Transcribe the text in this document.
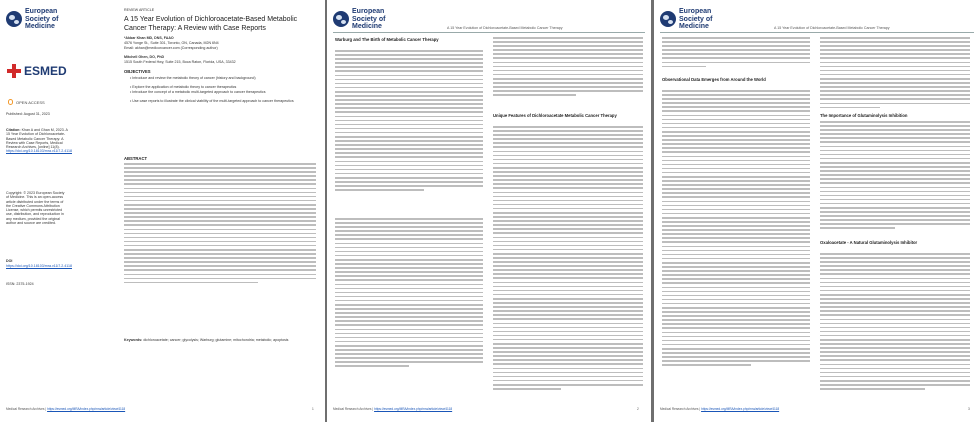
European Society of Medicine
ESMED
OPEN ACCESS
Published: August 31, 2023
Citation: Khan A and Ghan M, 2023. A 15 Year Evolution of Dichloroacetate-Based Metabolic Cancer Therapy: A Review with Case Reports, Medical Research Archives, [online] 11(8). https://doi.org/10.18103/mra.v11i7.2.4118
Copyright: © 2023 European Society of Medicine. This is an open-access article distributed under the terms of the Creative Commons Attribution License, which permits unrestricted use, distribution, and reproduction in any medium, provided the original author and source are credited.
DOI
https://doi.org/10.18103/mra.v11i7.2.4118
ISSN: 2375-1924
REVIEW ARTICLE
A 15 Year Evolution of Dichloroacetate-Based Metabolic Cancer Therapy: A Review with Case Reports
*Akbar Khan MD, DNS, FAAO
4576 Yonge St., Suite 301, Toronto, ON, Canada, M2N 6N4
Email: akhan@medicorcancer.com (Corresponding author)
Mitchell Ghen, DO, PhD
1515 South Federal Hwy, Suite 215, Boca Raton, Florida, USA, 33432
OBJECTIVES
• Introduce and review the metabolic theory of cancer (history and background)
• Explore the application of metabolic theory to cancer therapeutics
• Introduce the concept of a metabolic multi-targeted approach to cancer therapeutics
• Use case reports to illustrate the clinical viability of the multi-targeted approach to cancer therapeutics
ABSTRACT
Keywords: dichloroacetate; cancer; glycolysis; Warburg; glutamine; mitochondria; metabolic; apoptosis
Medical Research Archives | https://esmed.org/MRA/index.php/mra/article/view/4118	1
European Society of Medicine	A 15 Year Evolution of Dichloroacetate-Based Metabolic Cancer Therapy
Warburg and The Birth of Metabolic Cancer Therapy
Unique Features of Dichloroacetate Metabolic Cancer Therapy
Medical Research Archives | https://esmed.org/MRA/index.php/mra/article/view/4118	2
European Society of Medicine	A 15 Year Evolution of Dichloroacetate-Based Metabolic Cancer Therapy
Observational Data Emerges from Around the World
The Importance of Glutaminolysis Inhibition
Oxaloacetate - A Natural Glutaminolysis Inhibitor
Medical Research Archives | https://esmed.org/MRA/index.php/mra/article/view/4118	3
